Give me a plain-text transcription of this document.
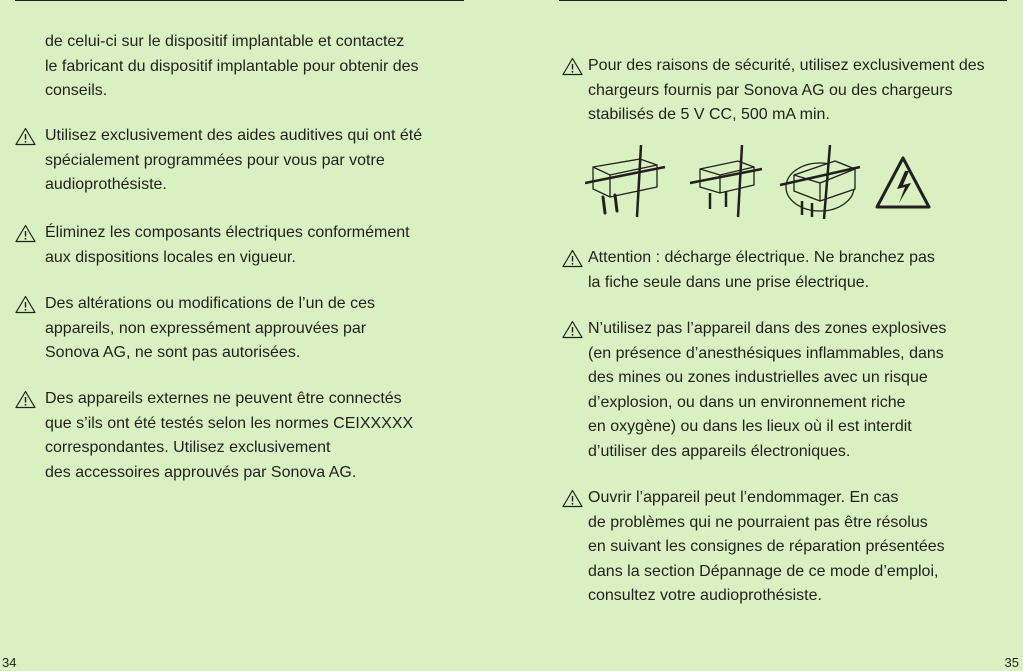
de celui-ci sur le dispositif implantable et contactez
le fabricant du dispositif implantable pour obtenir des
conseils.
Utilisez exclusivement des aides auditives qui ont été
spécialement programmées pour vous par votre
audioprothésiste.
Éliminez les composants électriques conformément
aux dispositions locales en vigueur.
Des altérations ou modifications de l’un de ces
appareils, non expressément approuvées par
Sonova AG, ne sont pas autorisées.
Des appareils externes ne peuvent être connectés
que s’ils ont été testés selon les normes CEIXXXXX
correspondantes. Utilisez exclusivement
des accessoires approuvés par Sonova AG.
34
Pour des raisons de sécurité, utilisez exclusivement des
chargeurs fournis par Sonova AG ou des chargeurs
stabilisés de 5 V CC, 500 mA min.
Attention : décharge électrique. Ne branchez pas
la fiche seule dans une prise électrique.
N’utilisez pas l’appareil dans des zones explosives
(en présence d’anesthésiques inflammables, dans
des mines ou zones industrielles avec un risque
d’explosion, ou dans un environnement riche
en oxygène) ou dans les lieux où il est interdit
d’utiliser des appareils électroniques.
Ouvrir l’appareil peut l’endommager. En cas
de problèmes qui ne pourraient pas être résolus
en suivant les consignes de réparation présentées
dans la section Dépannage de ce mode d’emploi,
consultez votre audioprothésiste.
35
